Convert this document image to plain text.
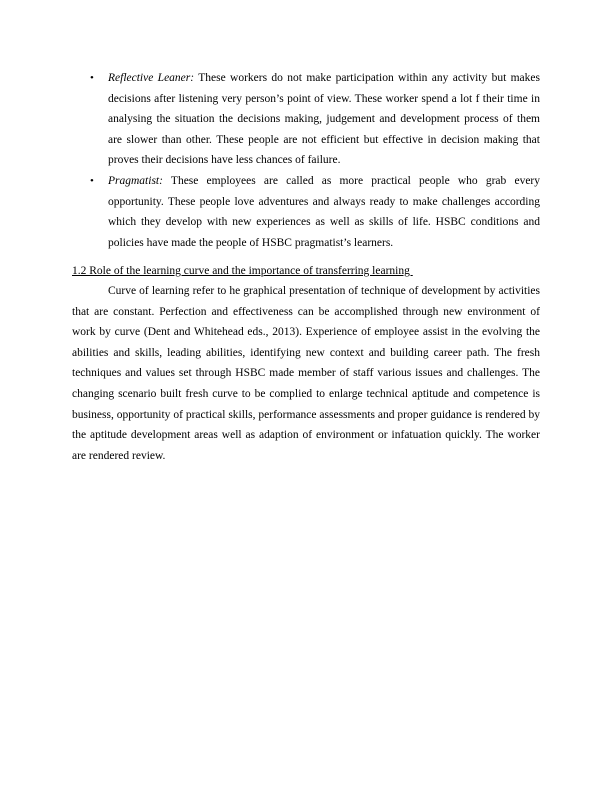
• Reflective Leaner: These workers do not make participation within any activity but makes decisions after listening very person’s point of view. These worker spend a lot f their time in analysing the situation the decisions making, judgement and development process of them are slower than other. These people are not efficient but effective in decision making that proves their decisions have less chances of failure.
• Pragmatist: These employees are called as more practical people who grab every opportunity. These people love adventures and always ready to make challenges according which they develop with new experiences as well as skills of life. HSBC conditions and policies have made the people of HSBC pragmatist’s learners.
1.2 Role of the learning curve and the importance of transferring learning

Curve of learning refer to he graphical presentation of technique of development by activities that are constant. Perfection and effectiveness can be accomplished through new environment of work by curve (Dent and Whitehead eds., 2013). Experience of employee assist in the evolving the abilities and skills, leading abilities, identifying new context and building career path. The fresh techniques and values set through HSBC made member of staff various issues and challenges. The changing scenario built fresh curve to be complied to enlarge technical aptitude and competence is business, opportunity of practical skills, performance assessments and proper guidance is rendered by the aptitude development areas well as adaption of environment or infatuation quickly. The worker are rendered review.
